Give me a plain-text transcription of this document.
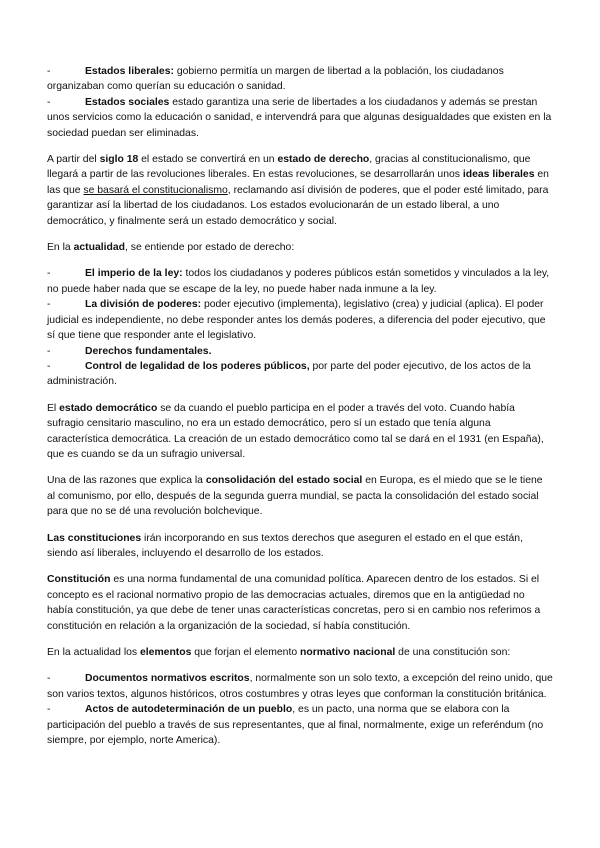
-	Estados liberales: gobierno permitía un margen de libertad a la población, los ciudadanos organizaban como querían su educación o sanidad.

-	Estados sociales estado garantiza una serie de libertades a los ciudadanos y además se prestan unos servicios como la educación o sanidad, e intervendrá para que algunas desigualdades que existen en la sociedad puedan ser eliminadas.

A partir del siglo 18 el estado se convertirá en un estado de derecho, gracias al constitucionalismo, que llegará a partir de las revoluciones liberales. En estas revoluciones, se desarrollarán unos ideas liberales en las que se basará el constitucionalismo, reclamando así división de poderes, que el poder esté limitado, para garantizar así la libertad de los ciudadanos. Los estados evolucionarán de un estado liberal, a uno democrático, y finalmente será un estado democrático y social.

En la actualidad, se entiende por estado de derecho:

-	El imperio de la ley: todos los ciudadanos y poderes públicos están sometidos y vinculados a la ley, no puede haber nada que se escape de la ley, no puede haber nada inmune a la ley.

-	La división de poderes: poder ejecutivo (implementa), legislativo (crea) y judicial (aplica). El poder judicial es independiente, no debe responder antes los demás poderes, a diferencia del poder ejecutivo, que sí que tiene que responder ante el legislativo.

-	Derechos fundamentales.

-	Control de legalidad de los poderes públicos, por parte del poder ejecutivo, de los actos de la administración.

El estado democrático se da cuando el pueblo participa en el poder a través del voto. Cuando había sufragio censitario masculino, no era un estado democrático, pero sí un estado que tenía alguna característica democrática. La creación de un estado democrático como tal se dará en el 1931 (en España), que es cuando se da un sufragio universal.

Una de las razones que explica la consolidación del estado social en Europa, es el miedo que se le tiene al comunismo, por ello, después de la segunda guerra mundial, se pacta la consolidación del estado social para que no se dé una revolución bolchevique.

Las constituciones irán incorporando en sus textos derechos que aseguren el estado en el que están, siendo así liberales, incluyendo el desarrollo de los estados.

Constitución es una norma fundamental de una comunidad política. Aparecen dentro de los estados. Si el concepto es el racional normativo propio de las democracias actuales, diremos que en la antigüedad no había constitución, ya que debe de tener unas características concretas, pero si en cambio nos referimos a constitución en relación a la organización de la sociedad, sí había constitución.

En la actualidad los elementos que forjan el elemento normativo nacional de una constitución son:

-	Documentos normativos escritos, normalmente son un solo texto, a excepción del reino unido, que son varios textos, algunos históricos, otros costumbres y otras leyes que conforman la constitución británica.

-	Actos de autodeterminación de un pueblo, es un pacto, una norma que se elabora con la participación del pueblo a través de sus representantes, que al final, normalmente, exige un referéndum (no siempre, por ejemplo, norte America).
